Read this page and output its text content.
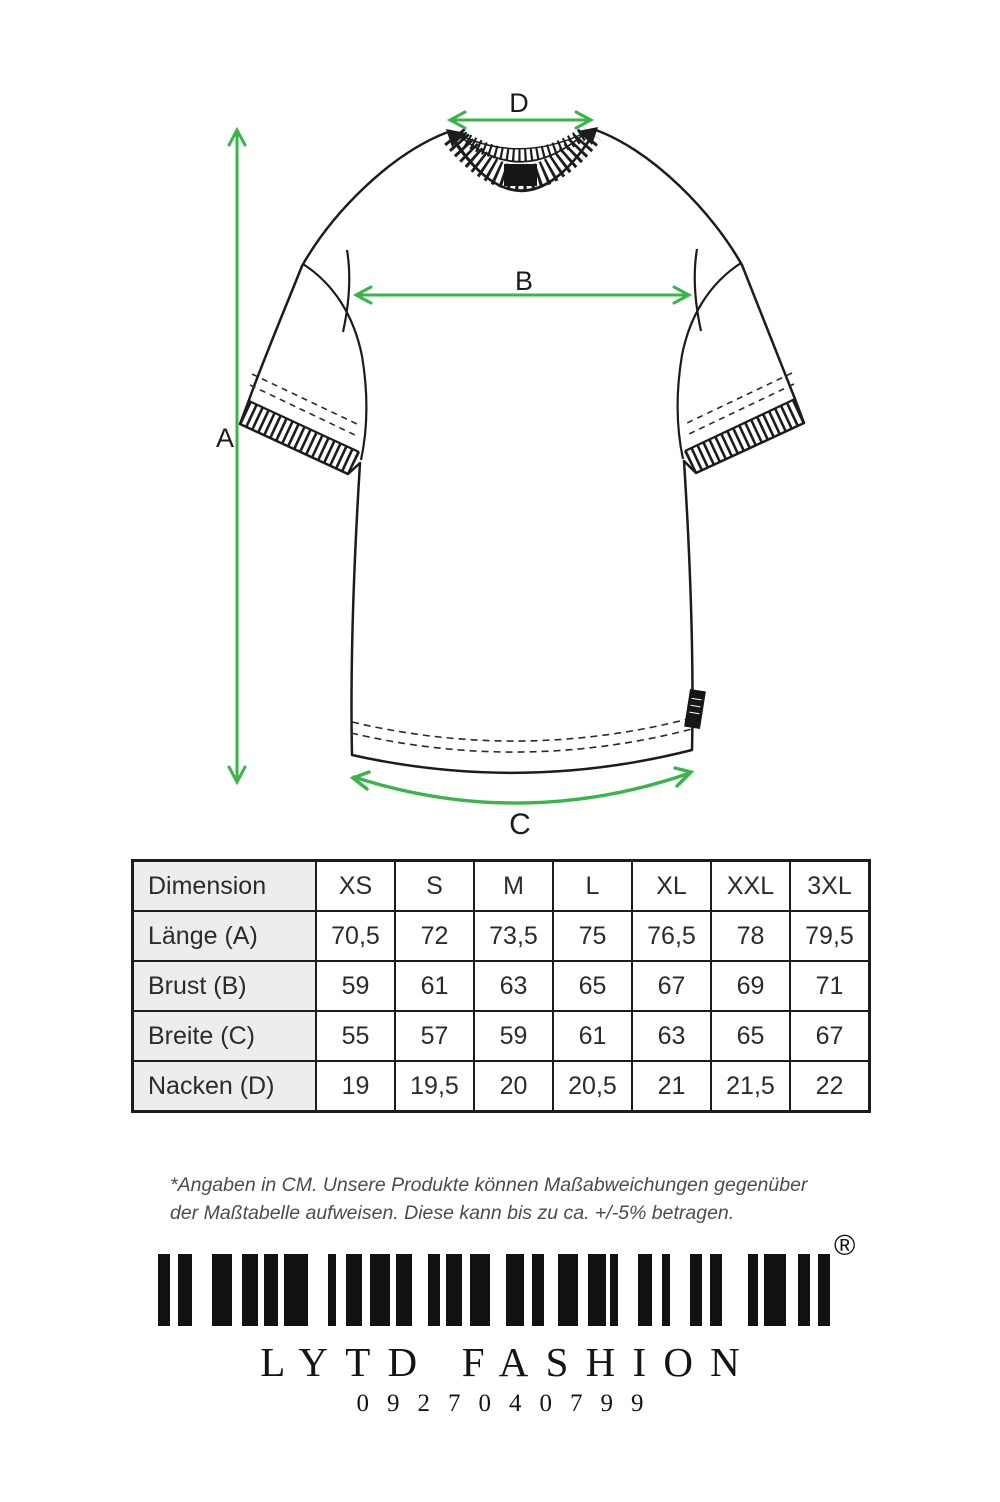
A
B
C
D
Dimension	XS	S	M	L	XL	XXL	3XL
Länge (A)	70,5	72	73,5	75	76,5	78	79,5
Brust (B)	59	61	63	65	67	69	71
Breite (C)	55	57	59	61	63	65	67
Nacken (D)	19	19,5	20	20,5	21	21,5	22
*Angaben in CM. Unsere Produkte können Maßabweichungen gegenüber
der Maßtabelle aufweisen. Diese kann bis zu ca. +/-5% betragen.
®
LYTD FASHION
0927040799
